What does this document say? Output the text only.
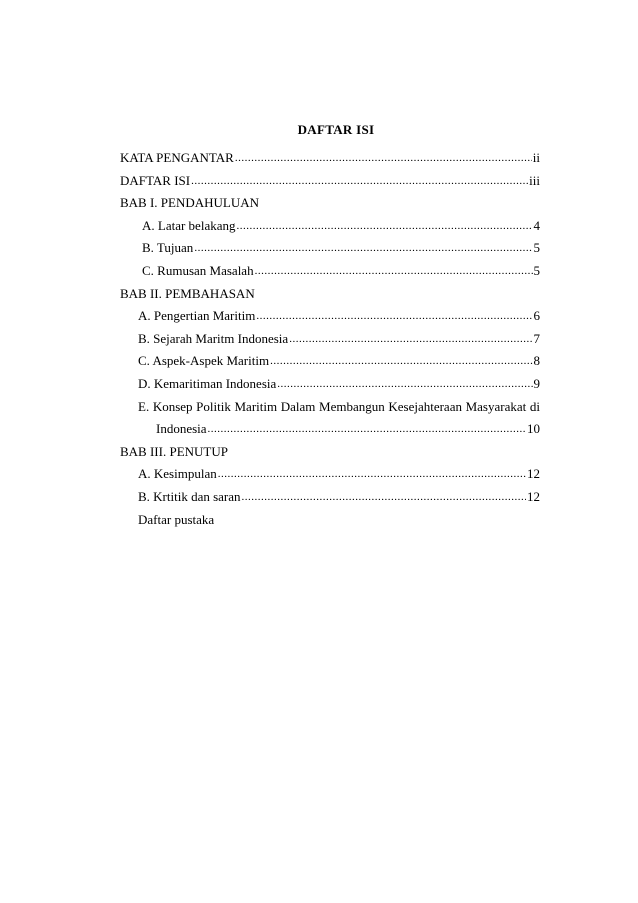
DAFTAR ISI
KATA PENGANTAR .....	ii
DAFTAR ISI .....	iii
BAB I. PENDAHULUAN
A. Latar belakang .....	4
B. Tujuan .....	5
C. Rumusan Masalah .....	5
BAB II. PEMBAHASAN
A. Pengertian Maritim .....	6
B. Sejarah Maritm Indonesia .....	7
C. Aspek-Aspek Maritim .....	8
D. Kemaritiman Indonesia .....	9
E. Konsep Politik Maritim Dalam Membangun Kesejahteraan Masyarakat di
Indonesia .....	10
BAB III. PENUTUP
A. Kesimpulan .....	12
B. Krtitik dan saran .....	12
Daftar pustaka
